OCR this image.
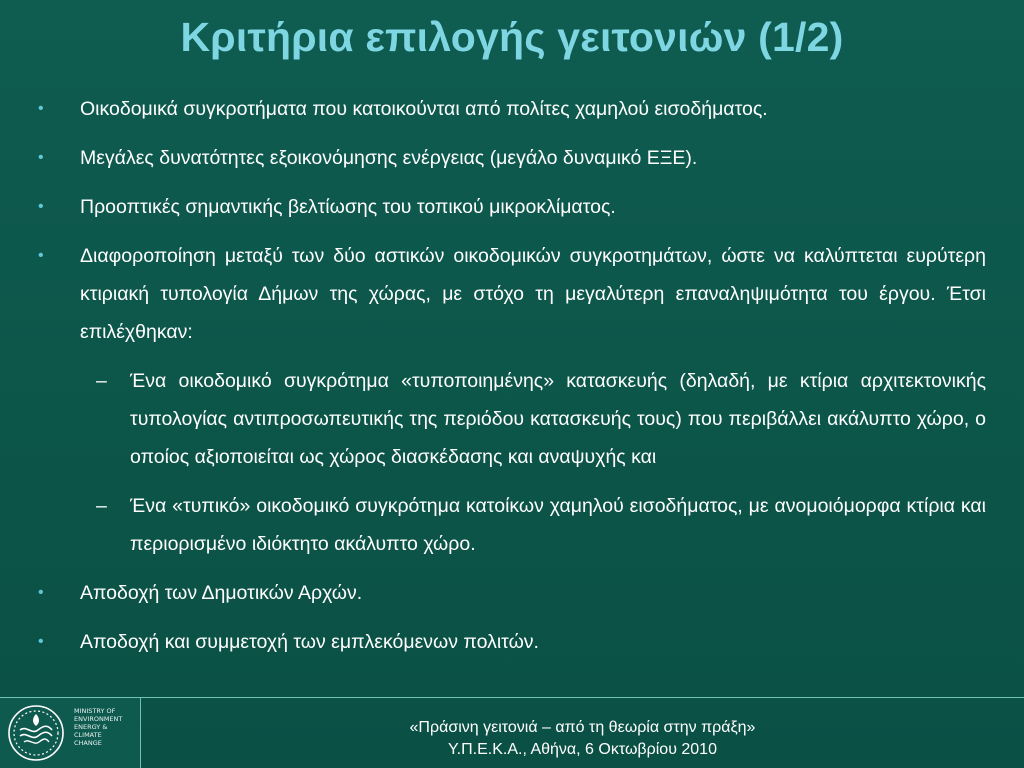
Κριτήρια επιλογής γειτονιών (1/2)
•	Οικοδομικά συγκροτήματα που κατοικούνται από πολίτες χαμηλού εισοδήματος.
•	Μεγάλες δυνατότητες εξοικονόμησης ενέργειας (μεγάλο δυναμικό ΕΞΕ).
•	Προοπτικές σημαντικής βελτίωσης του τοπικού μικροκλίματος.
•	Διαφοροποίηση μεταξύ των δύο αστικών οικοδομικών συγκροτημάτων, ώστε να καλύπτεται ευρύτερη κτιριακή τυπολογία Δήμων της χώρας, με στόχο τη μεγαλύτερη επαναληψιμότητα του έργου. Έτσι επιλέχθηκαν:
–	Ένα οικοδομικό συγκρότημα «τυποποιημένης» κατασκευής (δηλαδή, με κτίρια αρχιτεκτονικής τυπολογίας αντιπροσωπευτικής της περιόδου κατασκευής τους) που περιβάλλει ακάλυπτο χώρο, ο οποίος αξιοποιείται ως χώρος διασκέδασης και αναψυχής και
–	Ένα «τυπικό» οικοδομικό συγκρότημα κατοίκων χαμηλού εισοδήματος, με ανομοιόμορφα κτίρια και περιορισμένο ιδιόκτητο ακάλυπτο χώρο.
•	Αποδοχή των Δημοτικών Αρχών.
•	Αποδοχή και συμμετοχή των εμπλεκόμενων πολιτών.
MINISTRY OF
ENVIRONMENT
ENERGY &
CLIMATE
CHANGE
«Πράσινη γειτονιά – από τη θεωρία στην πράξη»
Υ.Π.Ε.Κ.Α., Αθήνα, 6 Οκτωβρίου 2010
